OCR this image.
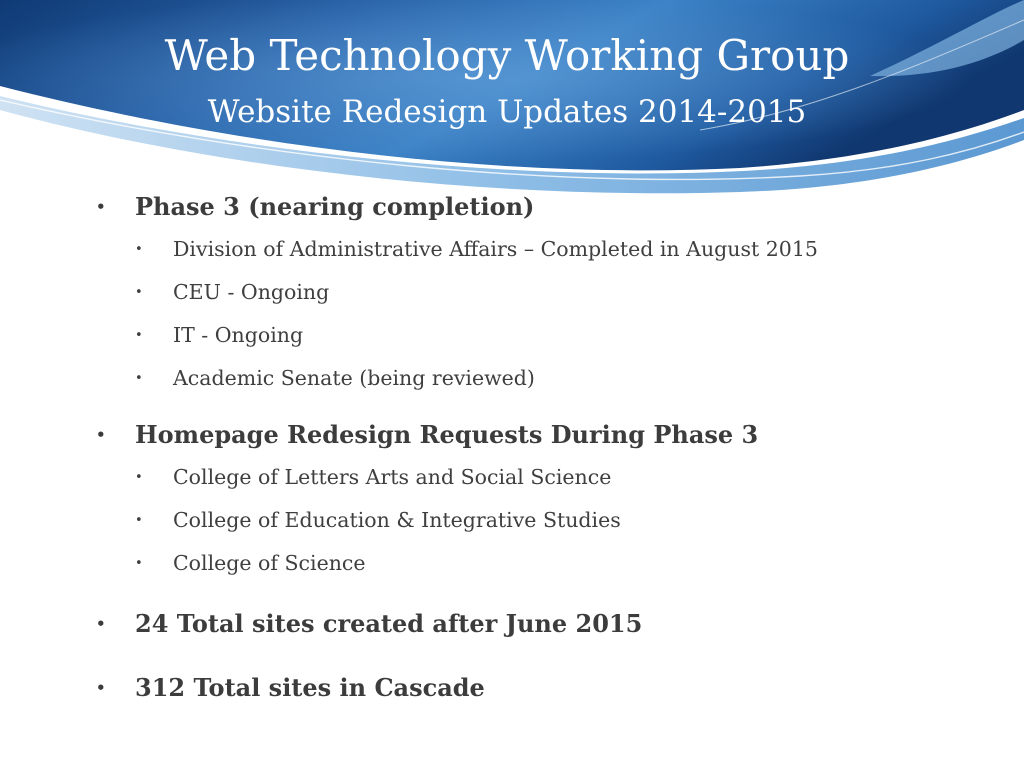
Web Technology Working Group
Website Redesign Updates 2014-2015
• Phase 3 (nearing completion)
• Division of Administrative Affairs – Completed in August 2015
• CEU - Ongoing
• IT - Ongoing
• Academic Senate (being reviewed)
• Homepage Redesign Requests During Phase 3
• College of Letters Arts and Social Science
• College of Education & Integrative Studies
• College of Science
• 24 Total sites created after June 2015
• 312 Total sites in Cascade
